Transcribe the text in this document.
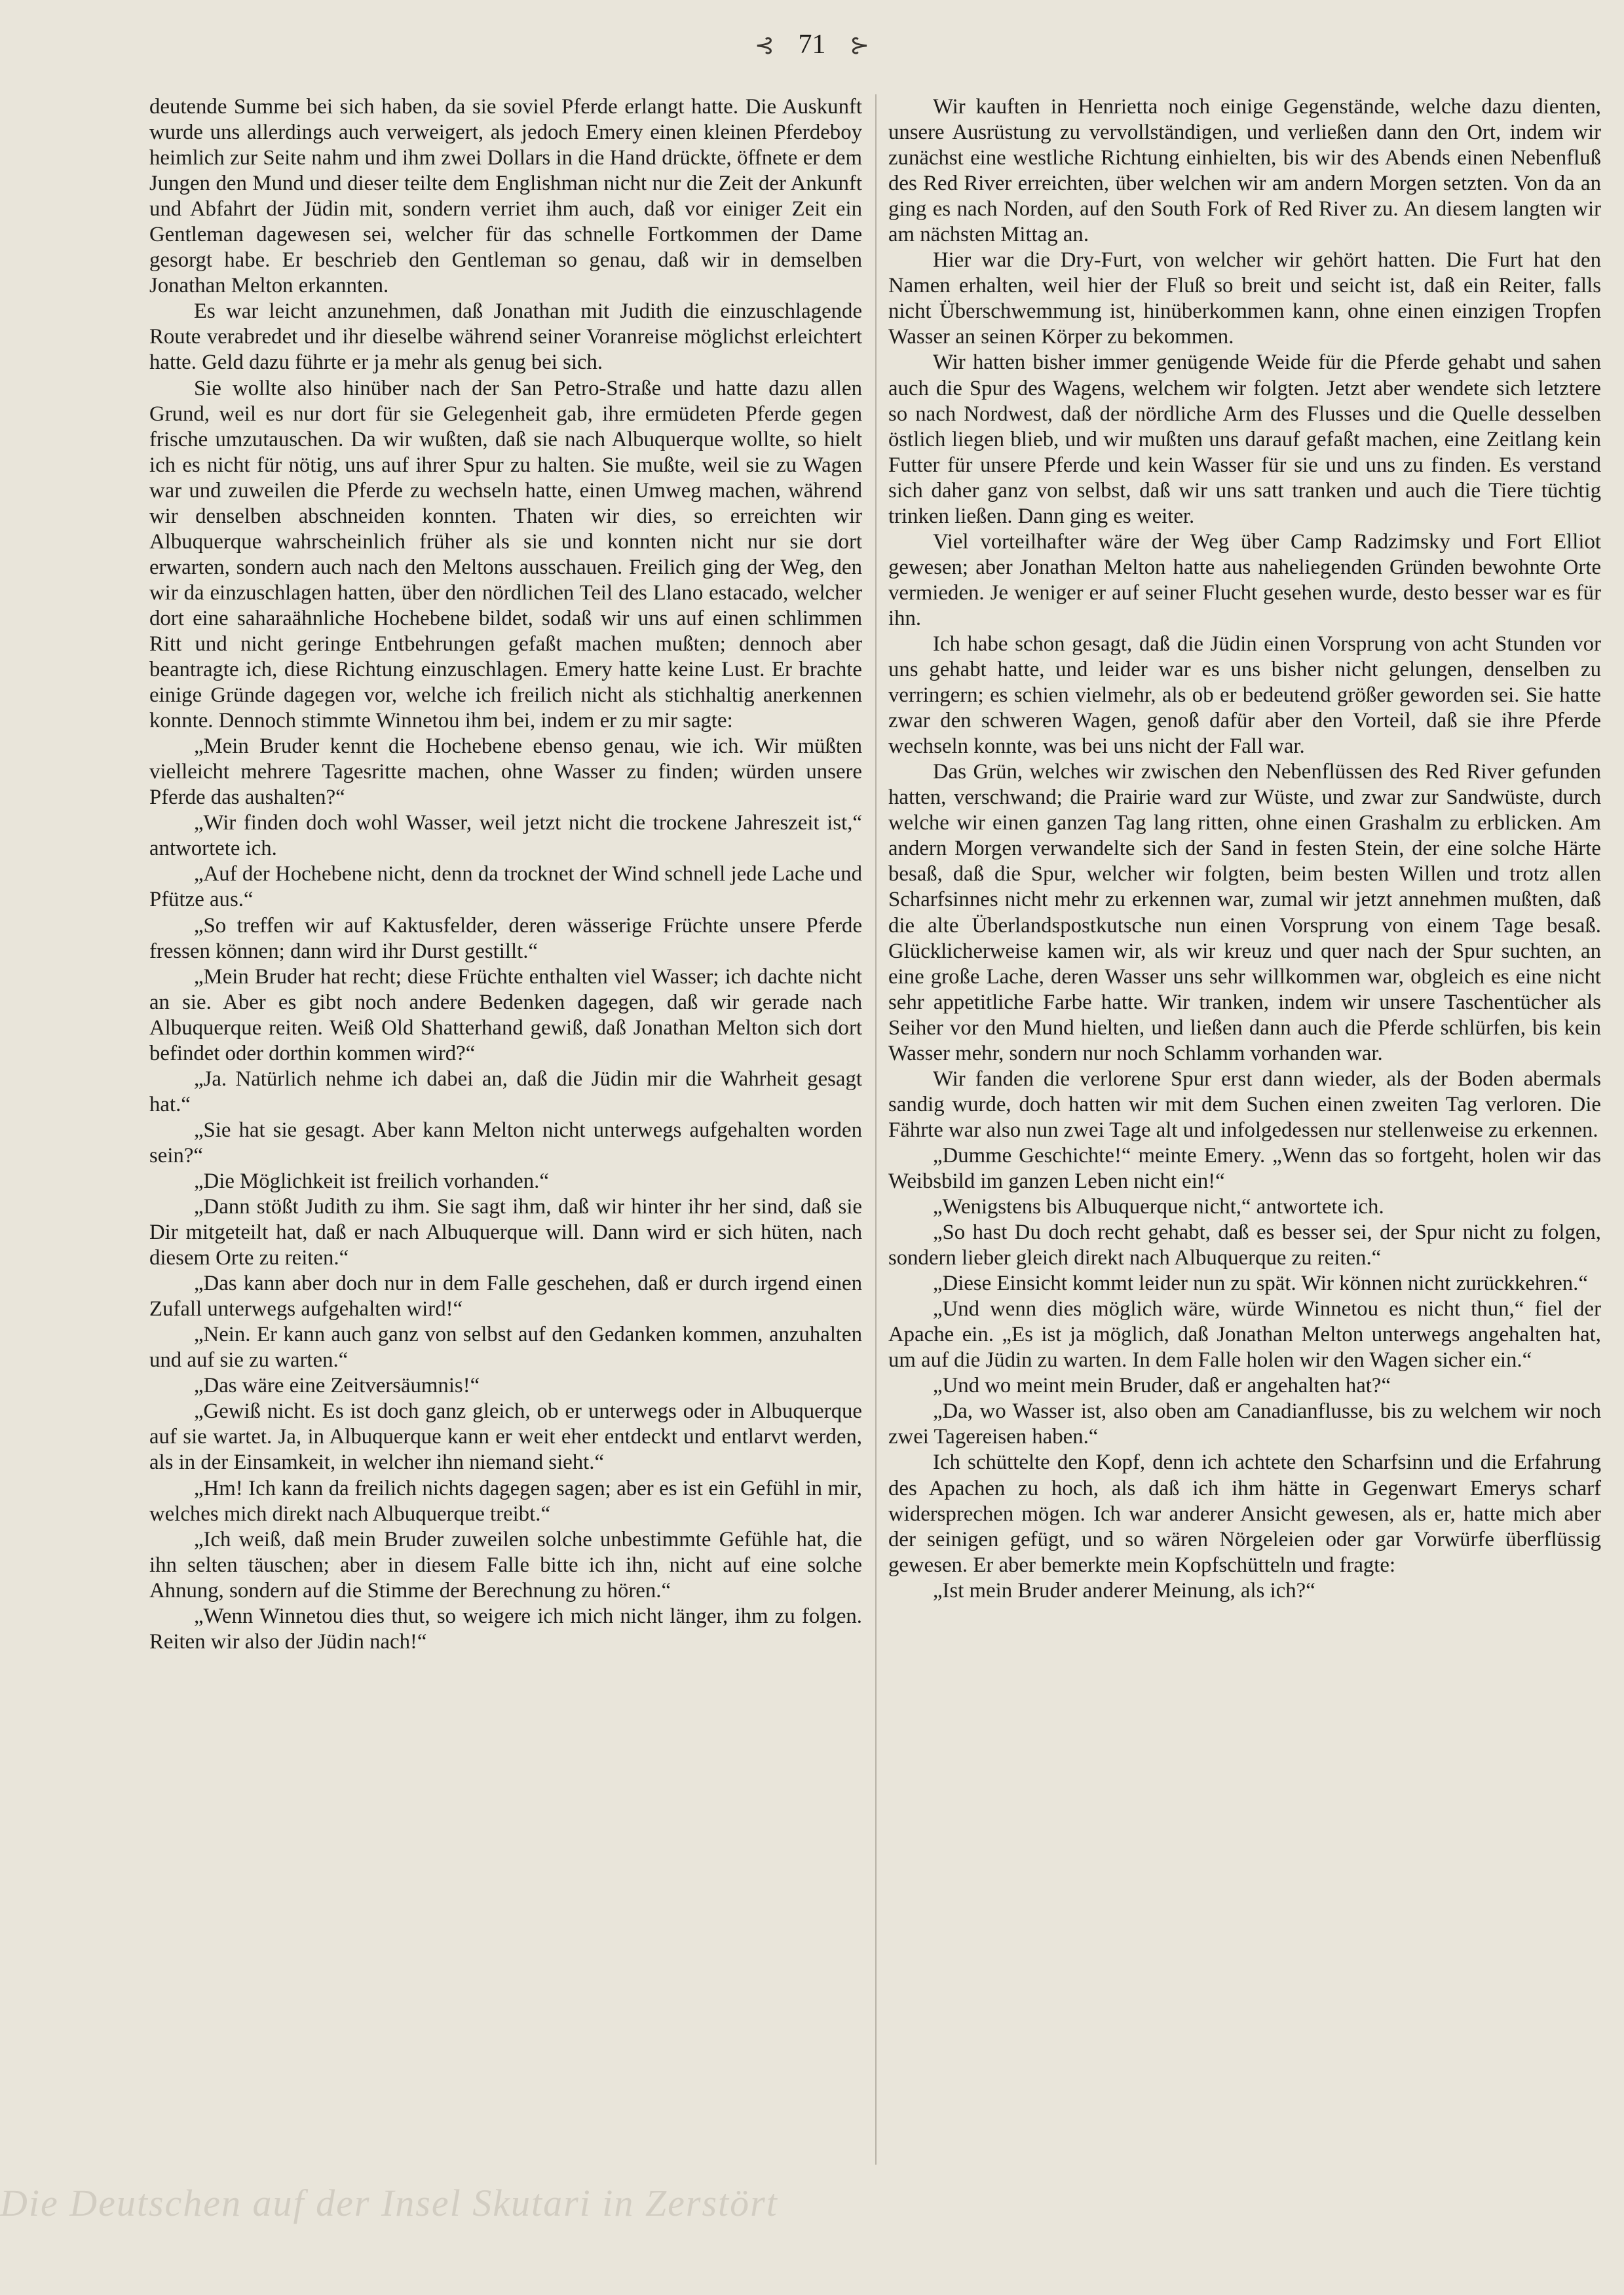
⊰ 71 ⊱

deutende Summe bei sich haben, da sie soviel Pferde erlangt hatte. Die Auskunft wurde uns allerdings auch verweigert, als jedoch Emery einen kleinen Pferdeboy heimlich zur Seite nahm und ihm zwei Dollars in die Hand drückte, öffnete er dem Jungen den Mund und dieser teilte dem Englishman nicht nur die Zeit der Ankunft und Abfahrt der Jüdin mit, sondern verriet ihm auch, daß vor einiger Zeit ein Gentleman dagewesen sei, welcher für das schnelle Fortkommen der Dame gesorgt habe. Er beschrieb den Gentleman so genau, daß wir in demselben Jonathan Melton erkannten.

Es war leicht anzunehmen, daß Jonathan mit Judith die einzuschlagende Route verabredet und ihr dieselbe während seiner Voranreise möglichst erleichtert hatte. Geld dazu führte er ja mehr als genug bei sich.

Sie wollte also hinüber nach der San Petro-Straße und hatte dazu allen Grund, weil es nur dort für sie Gelegenheit gab, ihre ermüdeten Pferde gegen frische umzutauschen. Da wir wußten, daß sie nach Albuquerque wollte, so hielt ich es nicht für nötig, uns auf ihrer Spur zu halten. Sie mußte, weil sie zu Wagen war und zuweilen die Pferde zu wechseln hatte, einen Umweg machen, während wir denselben abschneiden konnten. Thaten wir dies, so erreichten wir Albuquerque wahrscheinlich früher als sie und konnten nicht nur sie dort erwarten, sondern auch nach den Meltons ausschauen. Freilich ging der Weg, den wir da einzuschlagen hatten, über den nördlichen Teil des Llano estacado, welcher dort eine saharaähnliche Hochebene bildet, sodaß wir uns auf einen schlimmen Ritt und nicht geringe Entbehrungen gefaßt machen mußten; dennoch aber beantragte ich, diese Richtung einzuschlagen. Emery hatte keine Lust. Er brachte einige Gründe dagegen vor, welche ich freilich nicht als stichhaltig anerkennen konnte. Dennoch stimmte Winnetou ihm bei, indem er zu mir sagte:

„Mein Bruder kennt die Hochebene ebenso genau, wie ich. Wir müßten vielleicht mehrere Tagesritte machen, ohne Wasser zu finden; würden unsere Pferde das aushalten?“

„Wir finden doch wohl Wasser, weil jetzt nicht die trockene Jahreszeit ist,“ antwortete ich.

„Auf der Hochebene nicht, denn da trocknet der Wind schnell jede Lache und Pfütze aus.“

„So treffen wir auf Kaktusfelder, deren wässerige Früchte unsere Pferde fressen können; dann wird ihr Durst gestillt.“

„Mein Bruder hat recht; diese Früchte enthalten viel Wasser; ich dachte nicht an sie. Aber es gibt noch andere Bedenken dagegen, daß wir gerade nach Albuquerque reiten. Weiß Old Shatterhand gewiß, daß Jonathan Melton sich dort befindet oder dorthin kommen wird?“

„Ja. Natürlich nehme ich dabei an, daß die Jüdin mir die Wahrheit gesagt hat.“

„Sie hat sie gesagt. Aber kann Melton nicht unterwegs aufgehalten worden sein?“

„Die Möglichkeit ist freilich vorhanden.“

„Dann stößt Judith zu ihm. Sie sagt ihm, daß wir hinter ihr her sind, daß sie Dir mitgeteilt hat, daß er nach Albuquerque will. Dann wird er sich hüten, nach diesem Orte zu reiten.“

„Das kann aber doch nur in dem Falle geschehen, daß er durch irgend einen Zufall unterwegs aufgehalten wird!“

„Nein. Er kann auch ganz von selbst auf den Gedanken kommen, anzuhalten und auf sie zu warten.“

„Das wäre eine Zeitversäumnis!“

„Gewiß nicht. Es ist doch ganz gleich, ob er unterwegs oder in Albuquerque auf sie wartet. Ja, in Albuquerque kann er weit eher entdeckt und entlarvt werden, als in der Einsamkeit, in welcher ihn niemand sieht.“

„Hm! Ich kann da freilich nichts dagegen sagen; aber es ist ein Gefühl in mir, welches mich direkt nach Albuquerque treibt.“

„Ich weiß, daß mein Bruder zuweilen solche unbestimmte Gefühle hat, die ihn selten täuschen; aber in diesem Falle bitte ich ihn, nicht auf eine solche Ahnung, sondern auf die Stimme der Berechnung zu hören.“

„Wenn Winnetou dies thut, so weigere ich mich nicht länger, ihm zu folgen. Reiten wir also der Jüdin nach!“

Wir kauften in Henrietta noch einige Gegenstände, welche dazu dienten, unsere Ausrüstung zu vervollständigen, und verließen dann den Ort, indem wir zunächst eine westliche Richtung einhielten, bis wir des Abends einen Nebenfluß des Red River erreichten, über welchen wir am andern Morgen setzten. Von da an ging es nach Norden, auf den South Fork of Red River zu. An diesem langten wir am nächsten Mittag an.

Hier war die Dry-Furt, von welcher wir gehört hatten. Die Furt hat den Namen erhalten, weil hier der Fluß so breit und seicht ist, daß ein Reiter, falls nicht Überschwemmung ist, hinüberkommen kann, ohne einen einzigen Tropfen Wasser an seinen Körper zu bekommen.

Wir hatten bisher immer genügende Weide für die Pferde gehabt und sahen auch die Spur des Wagens, welchem wir folgten. Jetzt aber wendete sich letztere so nach Nordwest, daß der nördliche Arm des Flusses und die Quelle desselben östlich liegen blieb, und wir mußten uns darauf gefaßt machen, eine Zeitlang kein Futter für unsere Pferde und kein Wasser für sie und uns zu finden. Es verstand sich daher ganz von selbst, daß wir uns satt tranken und auch die Tiere tüchtig trinken ließen. Dann ging es weiter.

Viel vorteilhafter wäre der Weg über Camp Radzimsky und Fort Elliot gewesen; aber Jonathan Melton hatte aus naheliegenden Gründen bewohnte Orte vermieden. Je weniger er auf seiner Flucht gesehen wurde, desto besser war es für ihn.

Ich habe schon gesagt, daß die Jüdin einen Vorsprung von acht Stunden vor uns gehabt hatte, und leider war es uns bisher nicht gelungen, denselben zu verringern; es schien vielmehr, als ob er bedeutend größer geworden sei. Sie hatte zwar den schweren Wagen, genoß dafür aber den Vorteil, daß sie ihre Pferde wechseln konnte, was bei uns nicht der Fall war.

Das Grün, welches wir zwischen den Nebenflüssen des Red River gefunden hatten, verschwand; die Prairie ward zur Wüste, und zwar zur Sandwüste, durch welche wir einen ganzen Tag lang ritten, ohne einen Grashalm zu erblicken. Am andern Morgen verwandelte sich der Sand in festen Stein, der eine solche Härte besaß, daß die Spur, welcher wir folgten, beim besten Willen und trotz allen Scharfsinnes nicht mehr zu erkennen war, zumal wir jetzt annehmen mußten, daß die alte Überlandspostkutsche nun einen Vorsprung von einem Tage besaß. Glücklicherweise kamen wir, als wir kreuz und quer nach der Spur suchten, an eine große Lache, deren Wasser uns sehr willkommen war, obgleich es eine nicht sehr appetitliche Farbe hatte. Wir tranken, indem wir unsere Taschentücher als Seiher vor den Mund hielten, und ließen dann auch die Pferde schlürfen, bis kein Wasser mehr, sondern nur noch Schlamm vorhanden war.

Wir fanden die verlorene Spur erst dann wieder, als der Boden abermals sandig wurde, doch hatten wir mit dem Suchen einen zweiten Tag verloren. Die Fährte war also nun zwei Tage alt und infolgedessen nur stellenweise zu erkennen.

„Dumme Geschichte!“ meinte Emery. „Wenn das so fortgeht, holen wir das Weibsbild im ganzen Leben nicht ein!“

„Wenigstens bis Albuquerque nicht,“ antwortete ich.

„So hast Du doch recht gehabt, daß es besser sei, der Spur nicht zu folgen, sondern lieber gleich direkt nach Albuquerque zu reiten.“

„Diese Einsicht kommt leider nun zu spät. Wir können nicht zurückkehren.“

„Und wenn dies möglich wäre, würde Winnetou es nicht thun,“ fiel der Apache ein. „Es ist ja möglich, daß Jonathan Melton unterwegs angehalten hat, um auf die Jüdin zu warten. In dem Falle holen wir den Wagen sicher ein.“

„Und wo meint mein Bruder, daß er angehalten hat?“

„Da, wo Wasser ist, also oben am Canadianflusse, bis zu welchem wir noch zwei Tagereisen haben.“

Ich schüttelte den Kopf, denn ich achtete den Scharfsinn und die Erfahrung des Apachen zu hoch, als daß ich ihm hätte in Gegenwart Emerys scharf widersprechen mögen. Ich war anderer Ansicht gewesen, als er, hatte mich aber der seinigen gefügt, und so wären Nörgeleien oder gar Vorwürfe überflüssig gewesen. Er aber bemerkte mein Kopfschütteln und fragte:

„Ist mein Bruder anderer Meinung, als ich?“

Die Deutschen auf der Insel Skutari in Zerstört
